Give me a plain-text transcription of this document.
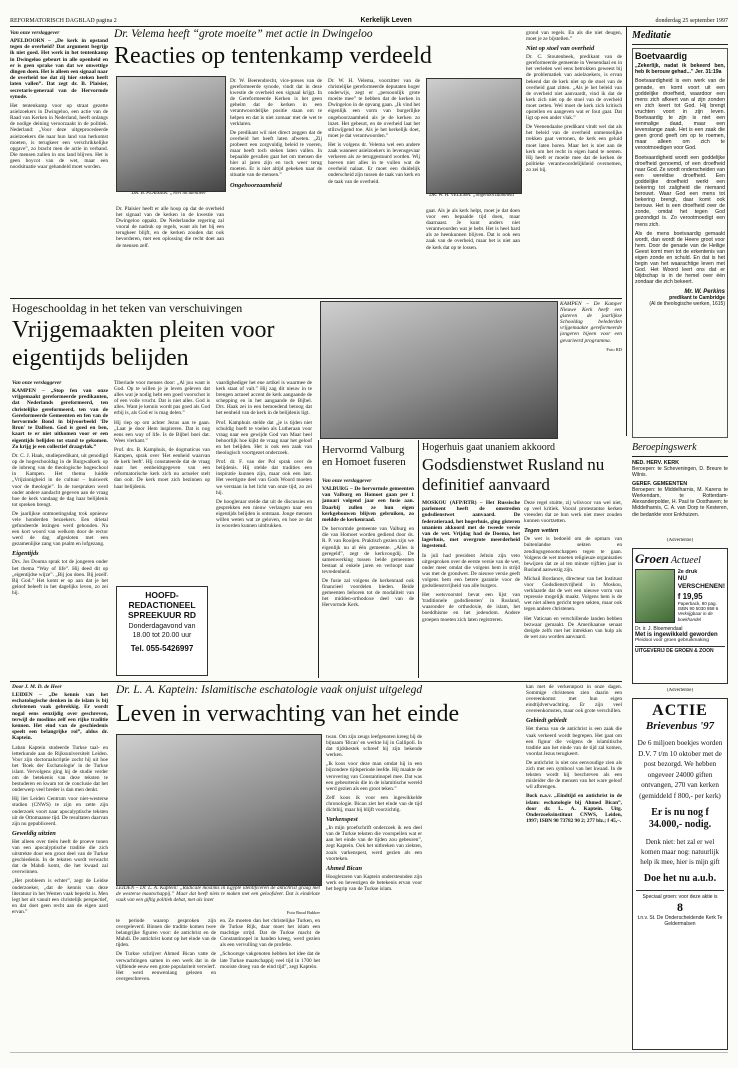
REFORMATORISCH DAGBLAD pagina 2	Kerkelijk Leven	donderdag 25 september 1997

Van onze verslaggever

APELDOORN – „De kerk in opstand tegen de overheid? Dat argument begrijp ik niet goed. Het werk in het tentenkamp in Dwingeloo gebeurt in alle openheid en er is geen sprake van dat we onwettige dingen doen. Het is alleen een signaal naar de overheid toe dat zij hier steken heeft laten vallen”. Dat zegt dr. B. Plaisier, secretaris-generaal van de Hervormde synode.

Het tentenkamp voor op straat gezette asielzoekers in Dwingeloo, een actie van de Raad van Kerken in Nederland, heeft onlangs de nodige deining veroorzaakt in de politiek. Nederland: „Voor deze uitgeprocedeerde asielzoekers die naar hun land van herkomst moeten, is terugkeer een verschrikkelijke opgave”, zo bracht men de actie in verband. Die mensen zullen in ons land blijven. Het is geen boycot van de wet, maar een noodsituatie waar gehandeld moet worden.

Dr. Velema heeft “grote moeite” met actie in Dwingeloo
Reacties op tentenkamp verdeeld
DR. B. PLAISIER: „Niet incidentieel”

Dr. Plaisier heeft er alle hoop op dat de overheid het signaal van de kerken in de kwestie van Dwingeloo oppakt. De Nederlandse regering zal vooral de nadruk op regels, want als het bij een terugkeer blijft, en de kerken zouden dat ook bevorderen, met een oplossing die recht doet aan de mensen zelf.

Dr. W. Beerendrecht, vice-preses van de gereformeerde synode, vindt dat in deze kwestie de overheid een signaal krijgt. In de Gereformeerde Kerken is het geen geheim dat de kerken in een verantwoordelijke positie staan om te helpen en dat is niet zomaar met de wet te verklaren.

De predikant wil niet direct zeggen dat de overheid het heeft laten afweten. „Zij probeert een zorgvuldig beleid te voeren, maar heeft toch steken laten vallen. In bepaalde gevallen gaat het om mensen die hier al jaren zijn en toch weer terug moeten. Er is niet altijd gekeken naar de situatie van de mensen.”

Ongehoorzaamheid

Dr. W. H. Velema, voorzitter van de christelijke gereformeerde deputaten hoger onderwijs, zegt er „persoonlijk grote moeite mee” te hebben dat de kerken in Dwingeloo in de opvang gaan. „Ik vind het eigenlijk een vorm van burgerlijke ongehoorzaamheid als je de kerken zo inzet. Het gebeurt, en de overheid laat het stilzwijgend toe. Als je het kerkelijk doet, moet je dat verantwoorden.”

Het is volgens dr. Velema wel een andere zaak wanneer asielzoekers in levensgevaar verkeren als ze teruggestuurd worden. Wij hoeven niet alles in te vullen wat de overheid nalaat. Er moet een duidelijk onderscheid zijn tussen de taak van kerk en de taak van de overheid.

DR. W. H. VELEMA: „ongehoorzaamheid”

gaat. Als je als kerk helpt, moet je dat doen voor een bepaalde tijd doen, maar daarnaast. Je kunt anders niet verantwoorden wat je hebt. Het is heel hard als ze heenkunnen blijven. Dat is ook een zaak van de overheid, maar het is niet aan de kerk dat op te lossen.

grond van regels. En als die niet deugen, moet je ze bijstellen.”

Niet op stoel van overheid

Dr. C. Stoutenbeek, predikant van de gereformeerde gemeente in Veenendaal en in het verleden wel eens betrokken geweest bij de problematiek van asielzoekers, is ervan bekend dat de kerk niet op de stoel van de overheid gaat zitten. „Als je het beleid van de overheid niet aanvaardt, vind ik dat de kerk zich niet op de stoel van de overheid moet zetten. Wel moet de kerk zich kritisch opstellen en aangeven wat er fout gaat. Dat ligt op een ander vlak.”

De Veenendaalse predikant vindt wel dat als het beleid van de overheid onmenselijke trekken gaat vertonen, de kerk een geluid moet laten horen. Maar het is niet aan de kerk om het recht in eigen hand te nemen. Hij heeft er moeite mee dat de kerken de politieke verantwoordelijkheid overnemen, zo zei hij.

Meditatie
Boetvaardig

„Zekerlijk, nadat ik bekeerd ben, heb ik berouw gehad...” Jer. 31:19a

Boetvaardigheid is een werk van de genade, en komt voort uit een goddelijke droefheid, waardoor een mens zich afkeert van al zijn zonden en zich keert tot God. Hij brengt vruchten voort in zijn leven. Boetvaardig te zijn is niet een eenmalige daad, maar een levenslange zaak. Het is een zaak die geen grond geeft om op te roemen, maar alleen om zich te verootmoedigen voor God.

Boetvaardigheid wordt een goddelijke droefheid genoemd, of een droefheid naar God. Ze wordt onderscheiden van een wereldse droefheid. Een goddelijke droefheid werkt een bekering tot zaligheid die niemand berouwt. Waar God een mens tot bekering brengt, daar komt ook berouw. Het is een droefheid over de zonde, omdat het tegen God gezondigd is. Zo verootmoedigt een mens zich.

Als de mens boetvaardig gemaakt wordt, dan wordt de Heere groot voor hem. Door de genade van de Heilige Geest komt men tot de erkentenis van eigen zonde en schuld. En dat is het begin van het waarachtige leven met God. Het Woord leert ons dat er blijdschap is in de hemel over één zondaar die zich bekeert.

Mr. W. Perkins
predikant te Cambridge
(Al de theologische werken, 1615)
Hogeschooldag in het teken van verschuivingen
Vrijgemaakten pleiten voor eigentijds belijden

KAMPEN – De Kamper Nieuwe Kerk heeft een gisteren de jaarlijkse Schooldag belederden vrijgemaakte gereformeerde jongeren bijeen voor een gevarieerd programma.

Foto RD

Van onze verslaggever

KAMPEN – „Stop fen van onze vrijgemaakt gereformeerde predikanten, dat Nederlands gereformeerd, ten christelijke gereformeerd, ten van de Gereformeerde Gemeenten en fen van de hervormde Bond in bijvoorbeeld 'De Bron' te Dalfsen. God is goed en ben, kaart te er niet uitkomen voor er een eigentijds belijden tot stand te gekomen. Zo krijg je een collectief draagvlak.”

Dr. C. J. Haak, studiepredikant, uit genodigd op de hogeschooldag in de Burgwalkerk op de inbreng van de theologische hogeschool in Kampen. Het thema luidde „Vrijzinnigheid in de cultuur – huiswerk voor de theologie”. In de toespraken werd onder andere aandacht gegeven aan de vraag hoe de kerk vandaag de dag haar belijdenis tot spreken brengt.

De jaarlijkse ontmoetingsdag trok opnieuw vele honderden bezoekers. Een drietal gefundeerde lezingen werd gehouden. Na een kort woord van welkom door de rector werd de dag afgesloten met een gezamenlijke zang van psalm en lofgezang.

Eigentijds

Drs. Jos Douma sprak tot de jongeren onder het thema “Way of life”. Hij deed dit op „eigentijdse wijze”. „Bij jou doen. Bij jezelf. Bij God.” Het komt er op aan dat je het geloof beleeft in het dagelijks leven, zo zei hij.

Tiberiade voor menses door: „Al jou want is God. Op te willen je je leven geleven dat alles wat je nodig hebt een goed voorschot is of een volle vrucht. Dat is niet alles. God is alles. Want je kennis wordt pas goed als God erbij is, als God er is mag delen.”

Hij riep op om achter Jezus aan te gaan. „Laat je door Hem inspireren. Dat is nog eens een way of life. Is de Bijbel boei dat. Wees vierkant.”

Prof. drs. B. Kamphuis, de dogmaticus van Kampen, sprak over 'Het eenheid waarvan de kerk leeft'. Hij constateerde dat de vraag naar het eenheidsgegeven van een reformatorische kerk zich nu actueler stelt dan ooit. De kerk moet zich bezinnen op haar belijdenis.

HOOFD-REDACTIONEEL SPREEKUUR RD
Donderdagavond van 18.00 tot 20.00 uur
Tel. 055-5426997

vaardighediger het ene artikel is waarmee de kerk staat of valt.” Hij zag dit nieuw in te brengen actueel accent de kerk aangaande de schepping en in het aangaande de Bijbel. Drs. Haak zei in een bemoedend betoog dat het eenheid van de kerk in de belijdenis ligt.

Prof. Kamphuis stelde dat „je is tijden niet schuldig hoeft te voelen als Lutheraan voor vraag naar een gewijde God van Maar heel behoorlijk hoe kijkt de vraag naar het geloof en het belijden. Het is ook een zaak van theologisch voortgezet onderzoek.

Prof. dr. F. van der Pol sprak over de belijdenis. Hij stelde dat tradities een inspiratie kunnen zijn, maar ook een last. Het veertigste deel van Gods Woord moeten we verstaan in het licht van onze tijd, zo zei hij.

De hoogleraar stelde dat uit de discussies en gesprekken een nieuw verlangen naar een eigentijds belijden is ontstaan. Jonge mensen willen weten wat ze geloven, en hoe ze dat in woorden kunnen uitdrukken.

Hervormd Valburg en Homoet fuseren

Van onze verslaggever

VALBURG – De hervormde gemeenten van Valburg en Homoet gaan per 1 januari volgend jaar een fusie aan. Daarbij zullen ze hun eigen kerkgebouwen blijven gebruiken, zo meldde de kerkenraad.

De hervormde gemeente van Valburg en die van Homoet worden gediend door ds. R. P. van Rooijen. Praktisch gezien zijn we eigenlijk nu al één gemeente. „Alles is geregeld”, zegt de kerkvoogdij. De samenwerking tussen beide gemeenten bestaat al enkele jaren en verloopt naar tevredenheid.

De fusie zal volgens de kerkenraad ook financieel voordelen bieden. Beide gemeenten behoren tot de modaliteit van het midden-orthodoxe deel van de Hervormde Kerk.

Hogerhuis gaat unaniem akkoord
Godsdienstwet Rusland nu definitief aanvaard

MOSKOU (AFP/RTR) – Het Russische parlement heeft de omstreden godsdienstwet aanvaard. De federatieraad, het hogerhuis, ging gisteren unaniem akkoord met de tweede versie van de wet. Vrijdag had de Doema, het lagerhuis, met overgrote meerderheid ingestemd.

In juli had president Jeltsin zijn veto uitgesproken over de eerste versie van de wet, onder meer omdat die volgens hem in strijd was met de grondwet. De nieuwe versie geeft volgens hem een betere garantie voor de godsdienstvrijheid van alle burgers.

Het wetsvoorstel bevat een lijst van 'traditionele godsdiensten' in Rusland, waaronder de orthodoxie, de islam, het boeddhisme en het jodendom. Andere groepen moeten zich laten registreren.

Deze regel stuitte, zij wilsvoor van wel niet, op veel kritiek. Vooral protestantse kerken vreesden dat ze hun werk niet meer zouden kunnen voortzetten.

Tegen wetten

De wet is bedoeld om de opmars van buitenlandse sekten en zendingsgenootschappen tegen te gaan. Volgens de wet moeten religieuze organisaties bewijzen dat ze al ten minste vijftien jaar in Rusland aanwezig zijn.

Michail Bordanov, directeur van het Instituut voor Godsdienstvrijheid in Moskou, verklaarde dat de wet een nieuwe vorm van repressie mogelijk maakt. Volgens hem is de wet niet alleen gericht tegen sekten, maar ook tegen andere christenen.

Het Vaticaan en verschillende landen hebben bezwaar gemaakt. De Amerikaanse senaat dreigde zelfs met het intrekken van hulp als de wet zou worden aanvaard.

Beroepingswerk
NED. HERV. KERK

Beroepen: te Scheveningen, D. Breure te Wilnis.

GEREF. GEMEENTEN

Beroepen: te Middelharnis, M. Karens te Werkendam, te Rotterdam-Alexanderpolder, H. Paul te Oosthaven; te Middelharnis, C. A. van Dorp te Kesteren, die bedankte voor Enkhuizen.

(Advertentie)
Groen Actueel
2e druk
NU VERSCHENEN!
f 19,95
Paperback, 80 pag. ISBN 90 5030 858 6
Verkrijgbaar in de boekhandel
Dr. ir. J. Bloemendaal
Met is ingewikkeld geworden
Pleidooi voor groen gebruikmaking
UITGEVERIJ DE GROEN & ZOON

Door J. M. D. de Heer

LEIDEN – „De kennis van het eschatologische denken in de islam is bij christenen vaak gebrekkig. Er wordt nogal eens eenzijdig over geschreven, terwijl de moslims zelf een rijke traditie kennen. Het eind van de geschiedenis speelt een belangrijke rol”, aldus dr. Kaptein.

Laban Kaptein studeerde Turkse taal- en letterkunde aan de Rijksuniversiteit Leiden. Voor zijn doctoraalscriptie zocht hij uit hoe het 'Boek der Eschatologie' in de Turkse islam. Vervolgens ging hij de studie verder om de betekenis van deze teksten te bestuderen en kwam tot de conclusie dat het onderwerp veel breder is dan men denkt.

Hij liet Leiden Centrum voor niet-westerse studien (CNWS) te zijn en zette zijn onderzoek voort naar apocalyptische teksten uit de Ottomaanse tijd. De resultaten daarvan zijn nu gepubliceerd.

Geweldig uitzien

Het alleen over tieën heeft de proeve tonen van een apocalyptische traditie die zich uitstrekte door een groot deel van de Turkse geschiedenis. In de teksten wordt verwacht dat de Mahdi komt, die het kwaad zal overwinnen.

„Het probleem is echter”, zegt de Leidse onderzoeker, „dat de kennis van deze literatuur in het Westen vaak beperkt is. Men legt het uit vanuit een christelijk perspectief, en dat doet geen recht aan de eigen aard ervan.”

Dr. L. A. Kaptein: Islamitische eschatologie vaak onjuist uitgelegd
Leven in verwachting van het einde

LEIDEN – Dr. L. A. Kaptein: „Radicale moslims in Egypte identificeren de antichrist graag met de westerse maatschappij.” Maar dat heeft niets te maken met een geloofsleer. Dat is eindeloze vaak van een giftig politiek debat, met als inzet

Foto Ruud Bakker

te periode waarop gesproken zijn overgeleverd. Binnen die traditie komen twee belangrijke figuren voor: de antichrist en de Mahdi. De antichrist komt op het einde van de tijden.

De Turkse schrijver Ahmed Bican vatte de verwachtingen samen in een werk dat in de vijftiende eeuw een grote populariteit verwierf. Het werd eeuwenlang gelezen en overgeschreven.

en. Ze moeten dan het christelijke Turken, en de Turkse Rijk, daar moet het islam een machtige strijd. Dat de Turkse macht de Constantinopel in handen kreeg, werd gezien als een vervulling van de profetie.

„Schoorsge vakgenoten hebben het idee dat de late Turkse maatschappij veel tijd in 1700 het mooiste droeg van de eind tijd”, zegt Kaptein.

twan. Om zijn zeugs leefgenoten kreeg hij de bijnaam 'Bican' en werkte hij in Gallipoli. In dat tijdsbestek schreef hij zijn bekende werken.

„Ik koos voor deze man omdat hij in een bijzondere tijdsperiode leefde. Hij maakte de verovering van Constantinopel mee. Dat was een gebeurtenis die in de islamitische wereld werd gezien als een groot teken.”

Zelf koos ik voor een ingewikkelde chronologie. Bican ziet het einde van de tijd dichtbij, maar hij blijft voorzichtig.

Varkenspest

„In mijn proefschrift onderzoek ik een deel van de Turkse teksten die voorspellen wat er aan het einde van de tijden zou gebeuren”, zegt Kaptein. Ook het uitbreken van ziekten, zoals varkenspest, werd gezien als een voorteken.

Ahmed Bican

Hoogleraren van Kaptein ondersteunden zijn werk en bevestigen de betekenis ervan voor het begrip van de Turkse islam.

kan met de verkennpost in onze dagen. Sommige christenen zien daarin een overeenkomst met hun eigen eindtijdverwachting. Er zijn veel overeenkomsten, maar ook grote verschillen.

Gebiedt gebiedt

Het thema van de antichrist is een zaak die vaak verkeerd wordt begrepen. Het gaat om een figuur die volgens de islamitische traditie aan het einde van de tijd zal komen, voordat Jezus terugkeert.

De antichrist is niet ons eenvoudige zien als zich met een symbool van het kwaad. In de teksten wordt hij beschreven als een misleider die de mensen van het ware geloof wil afbrengen.

Bock n.a.v. „Eindtijd en antichrist in de islam: eschatologie bij Ahmed Bican”, door dr. L. A. Kaptein. Uitg. Onderzoeksinstituut CNWS, Leiden, 1997; ISBN 90 73782 90 2; 277 blz.; f 45,–.

(Advertentie)
ACTIE
Brievenbus '97

De 6 miljoen boekjes worden D.V. 7 t/m 10 oktober met de post bezorgd. We hebben ongeveer 24000 giften ontvangen, 270 van kerken (gemiddeld f 800,- per kerk)

Er is nu nog f 34.000,- nodig.

Denk niet: het zal er wel komen maar nog: natuurlijk help ik mee, hier is mijn gift

Doe het nu a.u.b.

Speciaal groen: voor deze aktie is
8
t.n.v. St. De Onderscheidende Kerk Te Geldermalsen
